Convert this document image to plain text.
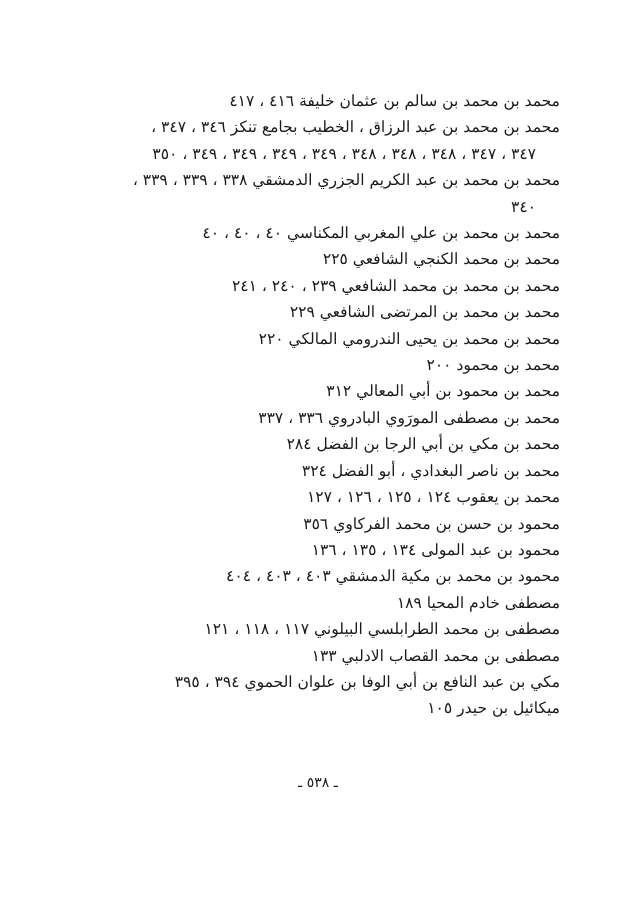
محمد بن محمد بن سالم بن عثمان خليفة ٤١٦ ، ٤١٧
محمد بن محمد بن عبد الرزاق ، الخطيب بجامع تنكز ٣٤٦ ، ٣٤٧ ،
٣٤٧ ، ٣٤٧ ، ٣٤٨ ، ٣٤٨ ، ٣٤٨ ، ٣٤٩ ، ٣٤٩ ، ٣٤٩ ، ٣٤٩ ، ٣٥٠
محمد بن محمد بن عبد الكريم الجزري الدمشقي ٣٣٨ ، ٣٣٩ ، ٣٣٩ ،
٣٤٠
محمد بن محمد بن علي المغربي المكناسي ٤٠ ، ٤٠ ، ٤٠
محمد بن محمد الكنجي الشافعي ٢٢٥
محمد بن محمد بن محمد الشافعي ٢٣٩ ، ٢٤٠ ، ٢٤١
محمد بن محمد بن المرتضى الشافعي ٢٢٩
محمد بن محمد بن يحيى الندرومي المالكي ٢٢٠
محمد بن محمود ٢٠٠
محمد بن محمود بن أبي المعالي ٣١٢
محمد بن مصطفى المورَوي البادروي ٣٣٦ ، ٣٣٧
محمد بن مكي بن أبي الرجا بن الفضل ٢٨٤
محمد بن ناصر البغدادي ، أبو الفضل ٣٢٤
محمد بن يعقوب ١٢٤ ، ١٢٥ ، ١٢٦ ، ١٢٧
محمود بن حسن بن محمد الفركاوي ٣٥٦
محمود بن عبد المولى ١٣٤ ، ١٣٥ ، ١٣٦
محمود بن محمد بن مكية الدمشقي ٤٠٣ ، ٤٠٣ ، ٤٠٤
مصطفى خادم المحيا ١٨٩
مصطفى بن محمد الطرابلسي البيلوني ١١٧ ، ١١٨ ، ١٢١
مصطفى بن محمد القصاب الادلبي ١٣٣
مكي بن عبد النافع بن أبي الوفا بن علوان الحموي ٣٩٤ ، ٣٩٥
ميكائيل بن حيدر ١٠٥
ـ ٥٣٨ ـ
